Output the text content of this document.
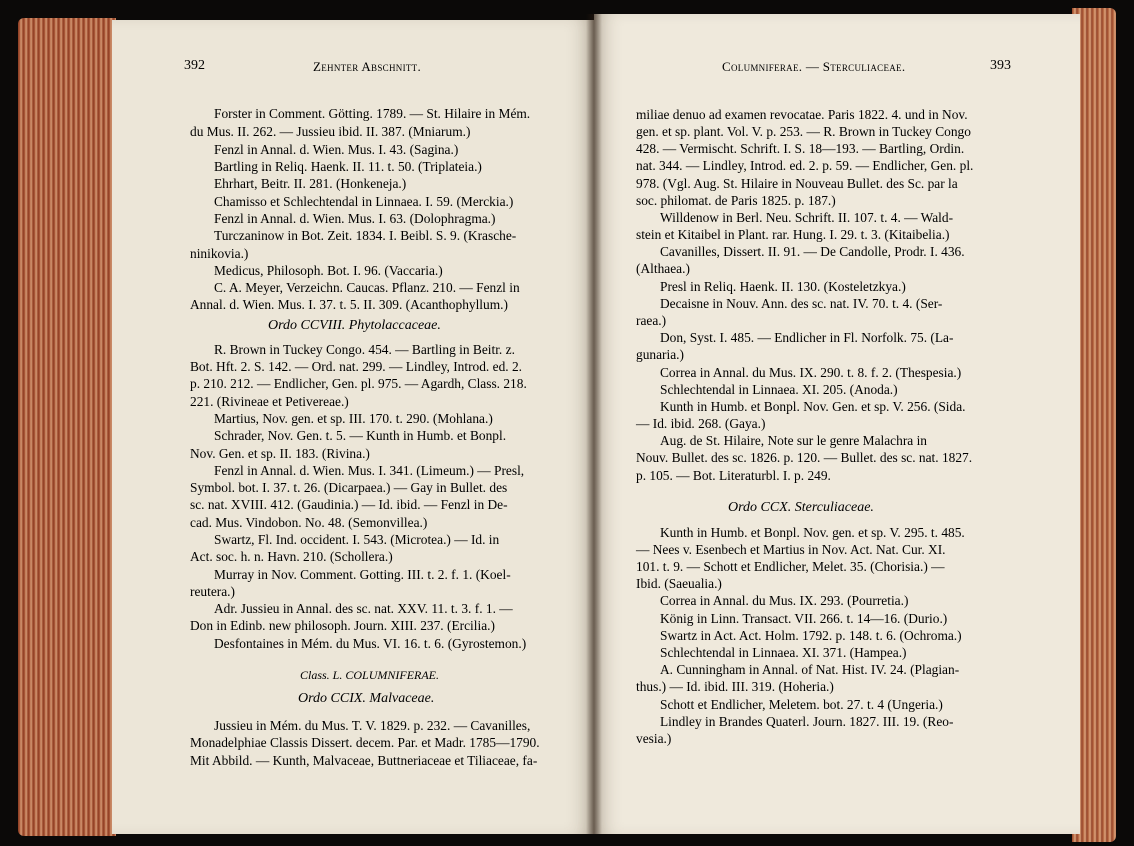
392	Zehnter Abschnitt.
Forster in Comment. Götting. 1789. — St. Hilaire in Mém.
du Mus. II. 262. — Jussieu ibid. II. 387. (Mniarum.)
Fenzl in Annal. d. Wien. Mus. I. 43. (Sagina.)
Bartling in Reliq. Haenk. II. 11. t. 50. (Triplateia.)
Ehrhart, Beitr. II. 281. (Honkeneja.)
Chamisso et Schlechtendal in Linnaea. I. 59. (Merckia.)
Fenzl in Annal. d. Wien. Mus. I. 63. (Dolophragma.)
Turczaninow in Bot. Zeit. 1834. I. Beibl. S. 9. (Krasche-
ninikovia.)
Medicus, Philosoph. Bot. I. 96. (Vaccaria.)
C. A. Meyer, Verzeichn. Caucas. Pflanz. 210. — Fenzl in
Annal. d. Wien. Mus. I. 37. t. 5. II. 309. (Acanthophyllum.)
Ordo CCVIII. Phytolaccaceae.
R. Brown in Tuckey Congo. 454. — Bartling in Beitr. z.
Bot. Hft. 2. S. 142. — Ord. nat. 299. — Lindley, Introd. ed. 2.
p. 210. 212. — Endlicher, Gen. pl. 975. — Agardh, Class. 218.
221. (Rivineae et Petivereae.)
Martius, Nov. gen. et sp. III. 170. t. 290. (Mohlana.)
Schrader, Nov. Gen. t. 5. — Kunth in Humb. et Bonpl.
Nov. Gen. et sp. II. 183. (Rivina.)
Fenzl in Annal. d. Wien. Mus. I. 341. (Limeum.) — Presl,
Symbol. bot. I. 37. t. 26. (Dicarpaea.) — Gay in Bullet. des
sc. nat. XVIII. 412. (Gaudinia.) — Id. ibid. — Fenzl in De-
cad. Mus. Vindobon. No. 48. (Semonvillea.)
Swartz, Fl. Ind. occident. I. 543. (Microtea.) — Id. in
Act. soc. h. n. Havn. 210. (Schollera.)
Murray in Nov. Comment. Gotting. III. t. 2. f. 1. (Koel-
reutera.)
Adr. Jussieu in Annal. des sc. nat. XXV. 11. t. 3. f. 1. —
Don in Edinb. new philosoph. Journ. XIII. 237. (Ercilia.)
Desfontaines in Mém. du Mus. VI. 16. t. 6. (Gyrostemon.)
Class. L. COLUMNIFERAE.
Ordo CCIX. Malvaceae.
Jussieu in Mém. du Mus. T. V. 1829. p. 232. — Cavanilles,
Monadelphiae Classis Dissert. decem. Par. et Madr. 1785—1790.
Mit Abbild. — Kunth, Malvaceae, Buttneriaceae et Tiliaceae, fa-
Columniferae. — Sterculiaceae.	393
miliae denuo ad examen revocatae. Paris 1822. 4. und in Nov.
gen. et sp. plant. Vol. V. p. 253. — R. Brown in Tuckey Congo
428. — Vermischt. Schrift. I. S. 18—193. — Bartling, Ordin.
nat. 344. — Lindley, Introd. ed. 2. p. 59. — Endlicher, Gen. pl.
978. (Vgl. Aug. St. Hilaire in Nouveau Bullet. des Sc. par la
soc. philomat. de Paris 1825. p. 187.)
Willdenow in Berl. Neu. Schrift. II. 107. t. 4. — Wald-
stein et Kitaibel in Plant. rar. Hung. I. 29. t. 3. (Kitaibelia.)
Cavanilles, Dissert. II. 91. — De Candolle, Prodr. I. 436.
(Althaea.)
Presl in Reliq. Haenk. II. 130. (Kosteletzkya.)
Decaisne in Nouv. Ann. des sc. nat. IV. 70. t. 4. (Ser-
raea.)
Don, Syst. I. 485. — Endlicher in Fl. Norfolk. 75. (La-
gunaria.)
Correa in Annal. du Mus. IX. 290. t. 8. f. 2. (Thespesia.)
Schlechtendal in Linnaea. XI. 205. (Anoda.)
Kunth in Humb. et Bonpl. Nov. Gen. et sp. V. 256. (Sida.
— Id. ibid. 268. (Gaya.)
Aug. de St. Hilaire, Note sur le genre Malachra in
Nouv. Bullet. des sc. 1826. p. 120. — Bullet. des sc. nat. 1827.
p. 105. — Bot. Literaturbl. I. p. 249.
Ordo CCX. Sterculiaceae.
Kunth in Humb. et Bonpl. Nov. gen. et sp. V. 295. t. 485.
— Nees v. Esenbech et Martius in Nov. Act. Nat. Cur. XI.
101. t. 9. — Schott et Endlicher, Melet. 35. (Chorisia.) —
Ibid. (Saeualia.)
Correa in Annal. du Mus. IX. 293. (Pourretia.)
König in Linn. Transact. VII. 266. t. 14—16. (Durio.)
Swartz in Act. Act. Holm. 1792. p. 148. t. 6. (Ochroma.)
Schlechtendal in Linnaea. XI. 371. (Hampea.)
A. Cunningham in Annal. of Nat. Hist. IV. 24. (Plagian-
thus.) — Id. ibid. III. 319. (Hoheria.)
Schott et Endlicher, Meletem. bot. 27. t. 4 (Ungeria.)
Lindley in Brandes Quaterl. Journ. 1827. III. 19. (Reo-
vesia.)
